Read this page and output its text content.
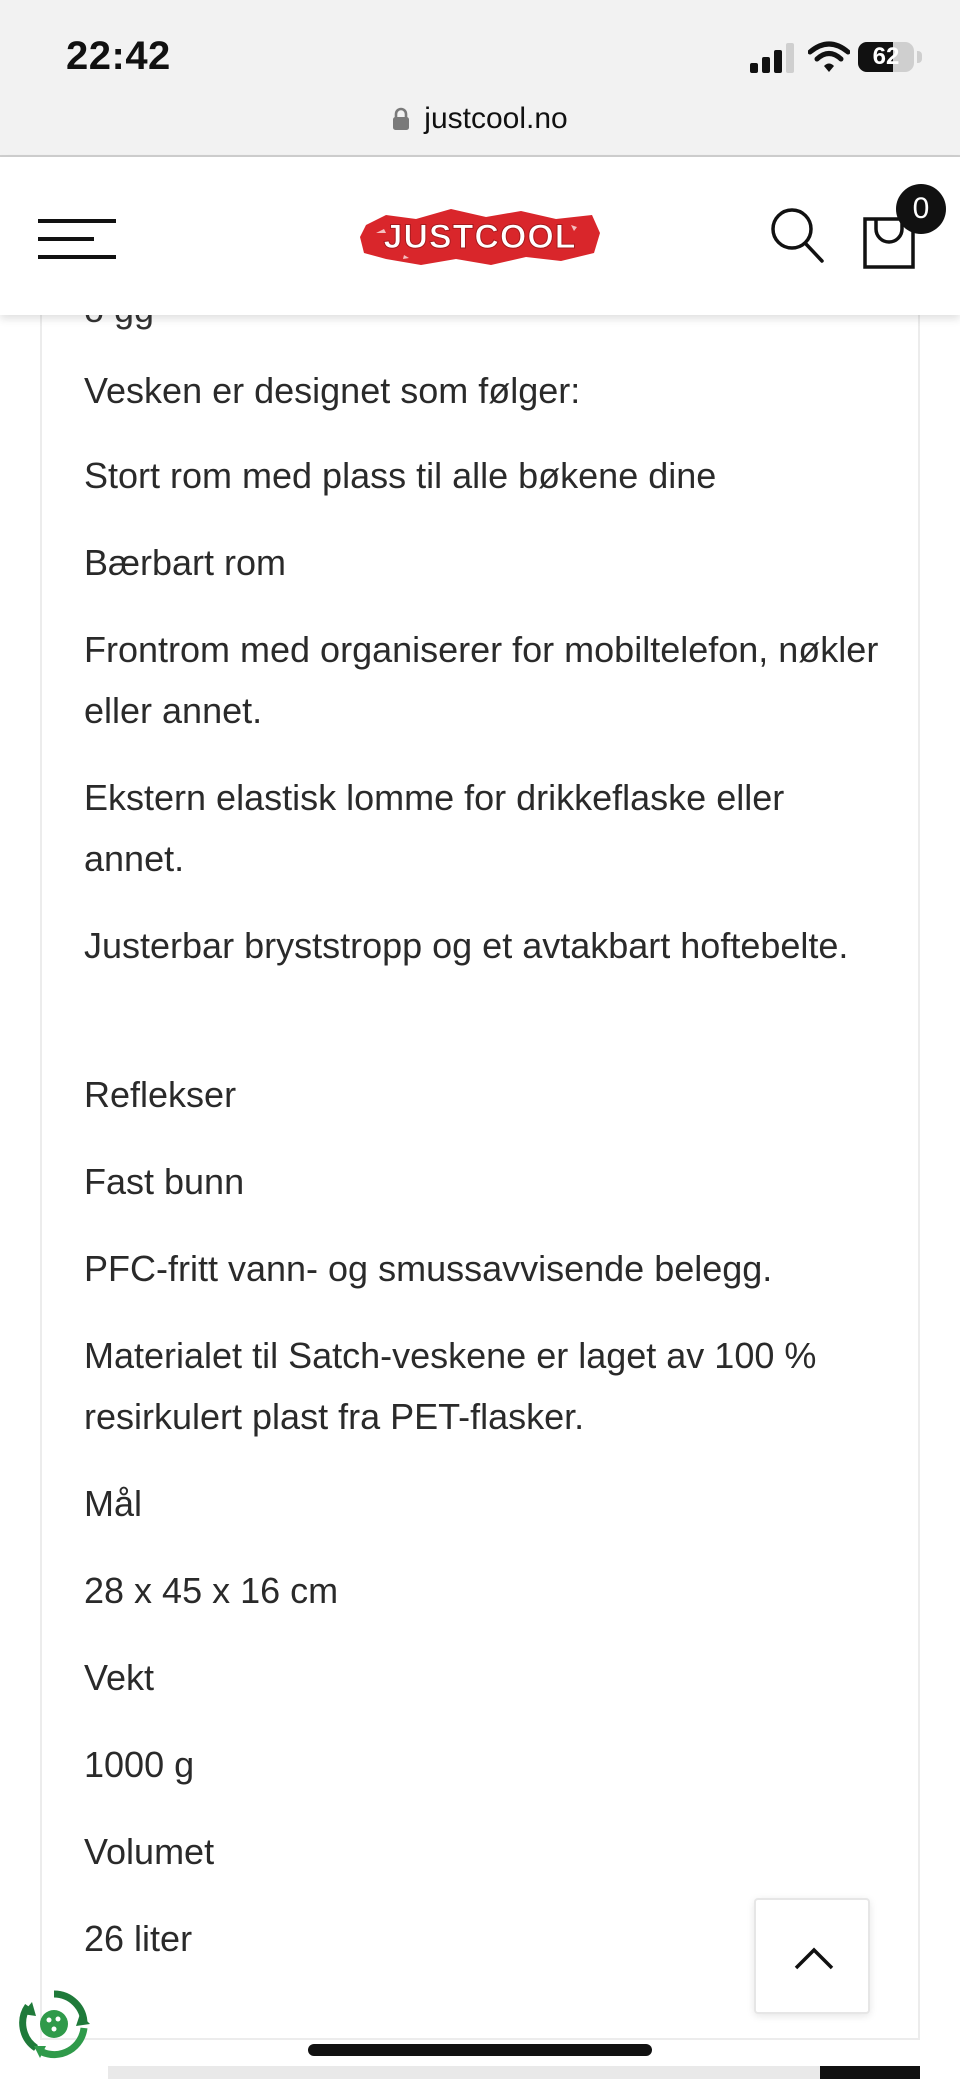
22:42	62
justcool.no
JUSTCOOL
0

Vesken er designet som følger:

Stort rom med plass til alle bøkene dine

Bærbart rom

Frontrom med organiserer for mobiltelefon, nøkler eller annet.

Ekstern elastisk lomme for drikkeflaske eller annet.

Justerbar bryststropp og et avtakbart hoftebelte.

Reflekser

Fast bunn

PFC-fritt vann- og smussavvisende belegg.

Materialet til Satch-veskene er laget av 100 % resirkulert plast fra PET-flasker.

Mål

28 x 45 x 16 cm

Vekt

1000 g

Volumet

26 liter
